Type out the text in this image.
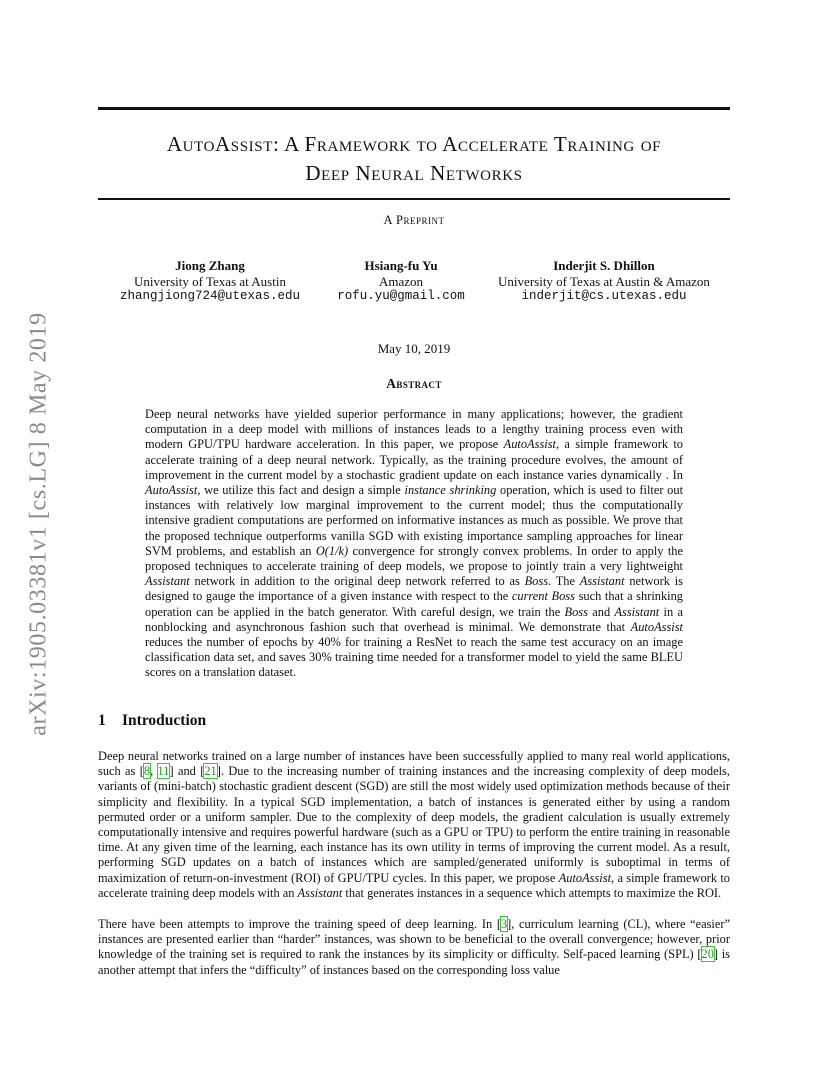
arXiv:1905.03381v1 [cs.LG] 8 May 2019
AutoAssist: A Framework to Accelerate Training of
Deep Neural Networks
A Preprint
Jiong Zhang
University of Texas at Austin
zhangjiong724@utexas.edu
Hsiang-fu Yu
Amazon
rofu.yu@gmail.com
Inderjit S. Dhillon
University of Texas at Austin & Amazon
inderjit@cs.utexas.edu
May 10, 2019
Abstract

Deep neural networks have yielded superior performance in many applications; however, the gradient computation in a deep model with millions of instances leads to a lengthy training process even with modern GPU/TPU hardware acceleration. In this paper, we propose AutoAssist, a simple framework to accelerate training of a deep neural network. Typically, as the training procedure evolves, the amount of improvement in the current model by a stochastic gradient update on each instance varies dynamically . In AutoAssist, we utilize this fact and design a simple instance shrinking operation, which is used to filter out instances with relatively low marginal improvement to the current model; thus the computationally intensive gradient computations are performed on informative instances as much as possible. We prove that the proposed technique outperforms vanilla SGD with existing importance sampling approaches for linear SVM problems, and establish an O(1/k) convergence for strongly convex problems. In order to apply the proposed techniques to accelerate training of deep models, we propose to jointly train a very lightweight Assistant network in addition to the original deep network referred to as Boss. The Assistant network is designed to gauge the importance of a given instance with respect to the current Boss such that a shrinking operation can be applied in the batch generator. With careful design, we train the Boss and Assistant in a nonblocking and asynchronous fashion such that overhead is minimal. We demonstrate that AutoAssist reduces the number of epochs by 40% for training a ResNet to reach the same test accuracy on an image classification data set, and saves 30% training time needed for a transformer model to yield the same BLEU scores on a translation dataset.

1 Introduction

Deep neural networks trained on a large number of instances have been successfully applied to many real world applications, such as [8, 11] and [21]. Due to the increasing number of training instances and the increasing complexity of deep models, variants of (mini-batch) stochastic gradient descent (SGD) are still the most widely used optimization methods because of their simplicity and flexibility. In a typical SGD implementation, a batch of instances is generated either by using a random permuted order or a uniform sampler. Due to the complexity of deep models, the gradient calculation is usually extremely computationally intensive and requires powerful hardware (such as a GPU or TPU) to perform the entire training in reasonable time. At any given time of the learning, each instance has its own utility in terms of improving the current model. As a result, performing SGD updates on a batch of instances which are sampled/generated uniformly is suboptimal in terms of maximization of return-on-investment (ROI) of GPU/TPU cycles. In this paper, we propose AutoAssist, a simple framework to accelerate training deep models with an Assistant that generates instances in a sequence which attempts to maximize the ROI.

There have been attempts to improve the training speed of deep learning. In [3], curriculum learning (CL), where “easier” instances are presented earlier than “harder” instances, was shown to be beneficial to the overall convergence; however, prior knowledge of the training set is required to rank the instances by its simplicity or difficulty. Self-paced learning (SPL) [20] is another attempt that infers the “difficulty” of instances based on the corresponding loss value
